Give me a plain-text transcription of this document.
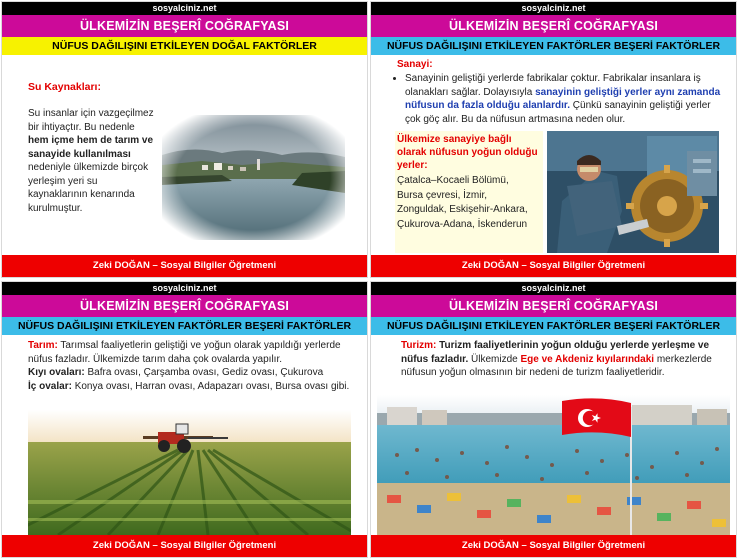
sosyalciniz.net
ÜLKEMİZİN BEŞERÎ COĞRAFYASI
NÜFUS DAĞILIŞINI ETKİLEYEN DOĞAL FAKTÖRLER
Su Kaynakları:
Su insanlar için vazgeçilmez bir ihtiyaçtır. Bu nedenle hem içme hem de tarım ve sanayide kullanılması nedeniyle ülkemizde birçok yerleşim yeri su kaynaklarının kenarında kurulmuştur.
Zeki DOĞAN – Sosyal Bilgiler Öğretmeni
sosyalciniz.net
ÜLKEMİZİN BEŞERÎ COĞRAFYASI
NÜFUS DAĞILIŞINI ETKİLEYEN FAKTÖRLER BEŞERİ FAKTÖRLER
Sanayi:
• Sanayinin geliştiği yerlerde fabrikalar çoktur. Fabrikalar insanlara iş olanakları sağlar. Dolayısıyla sanayinin geliştiği yerler aynı zamanda nüfusun da fazla olduğu alanlardır. Çünkü sanayinin geliştiği yerler çok göç alır. Bu da nüfusun artmasına neden olur.
Ülkemize sanayiye bağlı olarak nüfusun yoğun olduğu yerler:
Çatalca–Kocaeli Bölümü,
Bursa çevresi, İzmir,
Zonguldak, Eskişehir-Ankara,
Çukurova-Adana, İskenderun
Zeki DOĞAN – Sosyal Bilgiler Öğretmeni
sosyalciniz.net
ÜLKEMİZİN BEŞERÎ COĞRAFYASI
NÜFUS DAĞILIŞINI ETKİLEYEN FAKTÖRLER BEŞERİ FAKTÖRLER
Tarım: Tarımsal faaliyetlerin geliştiği ve yoğun olarak yapıldığı yerlerde nüfus fazladır. Ülkemizde tarım daha çok ovalarda yapılır.
Kıyı ovaları: Bafra ovası, Çarşamba ovası, Gediz ovası, Çukurova
İç ovalar: Konya ovası, Harran ovası, Adapazarı ovası, Bursa ovası gibi.
Zeki DOĞAN – Sosyal Bilgiler Öğretmeni
sosyalciniz.net
ÜLKEMİZİN BEŞERÎ COĞRAFYASI
NÜFUS DAĞILIŞINI ETKİLEYEN FAKTÖRLER BEŞERİ FAKTÖRLER
Turizm: Turizm faaliyetlerinin yoğun olduğu yerlerde yerleşme ve nüfus fazladır. Ülkemizde Ege ve Akdeniz kıyılarındaki merkezlerde nüfusun yoğun olmasının bir nedeni de turizm faaliyetleridir.
Zeki DOĞAN – Sosyal Bilgiler Öğretmeni
